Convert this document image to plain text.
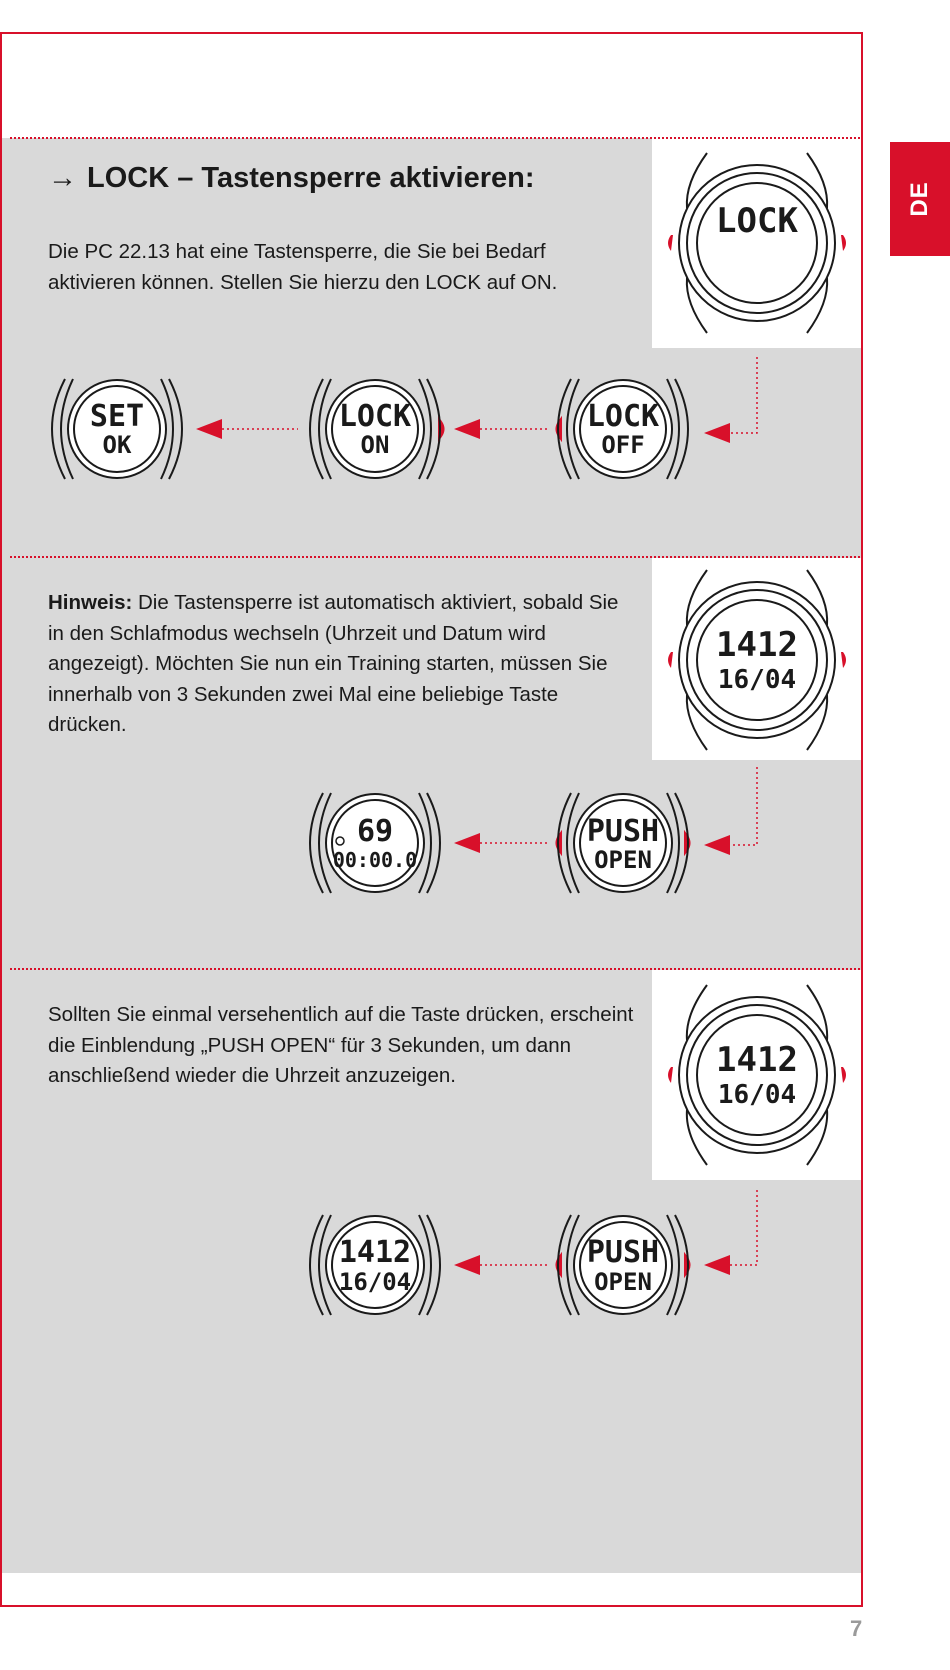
DE
→ LOCK – Tastensperre aktivieren:

Die PC 22.13 hat eine Tastensperre, die Sie bei Bedarf aktivieren können. Stellen Sie hierzu den LOCK auf ON.

Hinweis: Die Tastensperre ist automatisch aktiviert, sobald Sie in den Schlafmodus wechseln (Uhrzeit und Datum wird angezeigt). Möchten Sie nun ein Training starten, müssen Sie innerhalb von 3 Sekunden zwei Mal eine beliebige Taste drücken.

Sollten Sie einmal versehentlich auf die Taste drücken, erscheint die Einblendung „PUSH OPEN“ für 3 Sekunden, um dann anschließend wieder die Uhrzeit anzuzeigen.

LOCK
1412
16/04
1412
16/04
SET
OK
LOCK
ON
LOCK
OFF
69
00:00.0
PUSH
OPEN
1412
16/04
PUSH
OPEN
7
